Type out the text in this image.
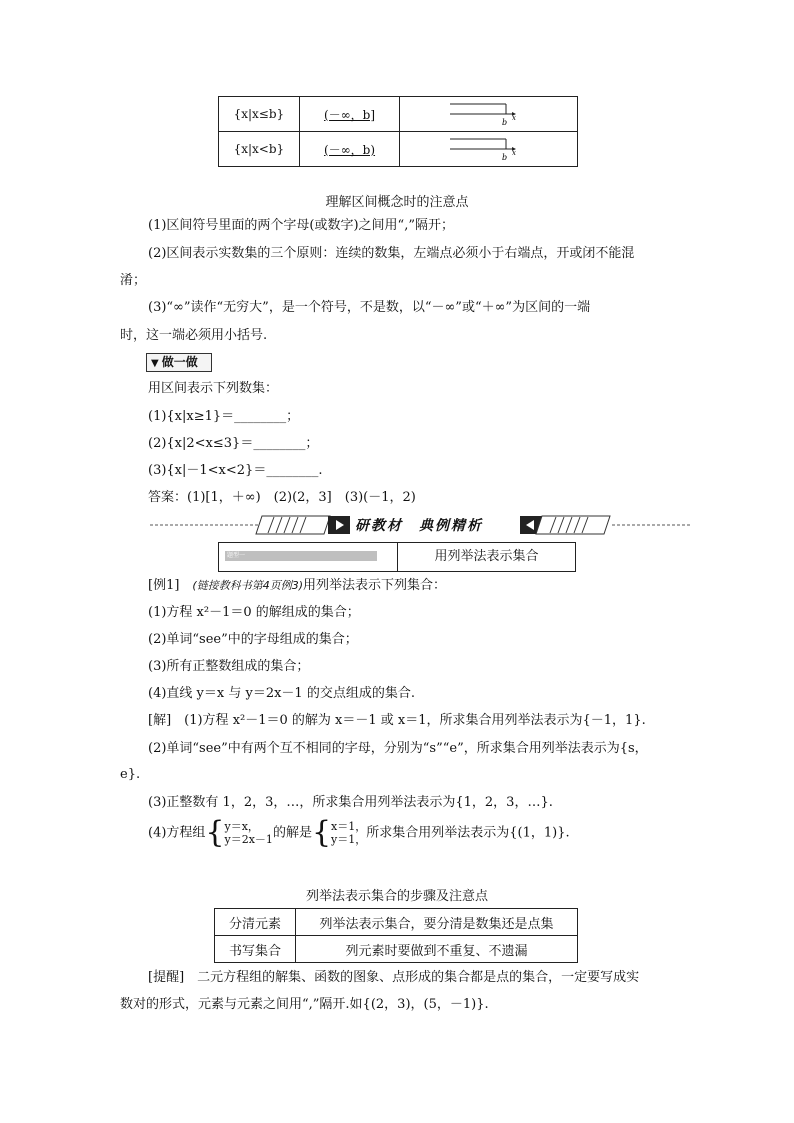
{x|x≤b}	(－∞，b]	b x

{x|x<b}	(－∞，b)	b x
理解区间概念时的注意点
(1)区间符号里面的两个字母(或数字)之间用“,”隔开；
(2)区间表示实数集的三个原则：连续的数集，左端点必须小于右端点，开或闭不能混
淆；
(3)“∞”读作“无穷大”，是一个符号，不是数，以“－∞”或“＋∞”为区间的一端
时，这一端必须用小括号.
▼ 做一做
用区间表示下列数集：
(1){x|x≥1}＝________；
(2){x|2<x≤3}＝________；
(3){x|－1<x<2}＝________.
答案：(1)[1，＋∞)　(2)(2，3]　(3)(－1，2)
研教材　典例精析
题型一	用列举法表示集合
[例1]　(链接教科书第4页例3)用列举法表示下列集合：
(1)方程 x²－1＝0 的解组成的集合；
(2)单词“see”中的字母组成的集合；
(3)所有正整数组成的集合；
(4)直线 y＝x 与 y＝2x－1 的交点组成的集合.
[解]　(1)方程 x²－1＝0 的解为 x＝－1 或 x＝1，所求集合用列举法表示为{－1，1}.
(2)单词“see”中有两个互不相同的字母，分别为“s”“e”，所求集合用列举法表示为{s，
e}.
(3)正整数有 1，2，3，…，所求集合用列举法表示为{1，2，3，…}.
(4)方程组{y＝x，
y＝2x－1的解是{x＝1，
y＝1，所求集合用列举法表示为{(1，1)}.
列举法表示集合的步骤及注意点
分清元素	列举法表示集合，要分清是数集还是点集
书写集合	列元素时要做到不重复、不遗漏
[提醒]　二元方程组的解集、函数的图象、点形成的集合都是点的集合，一定要写成实
数对的形式，元素与元素之间用“,”隔开.如{(2，3)，(5，－1)}.
